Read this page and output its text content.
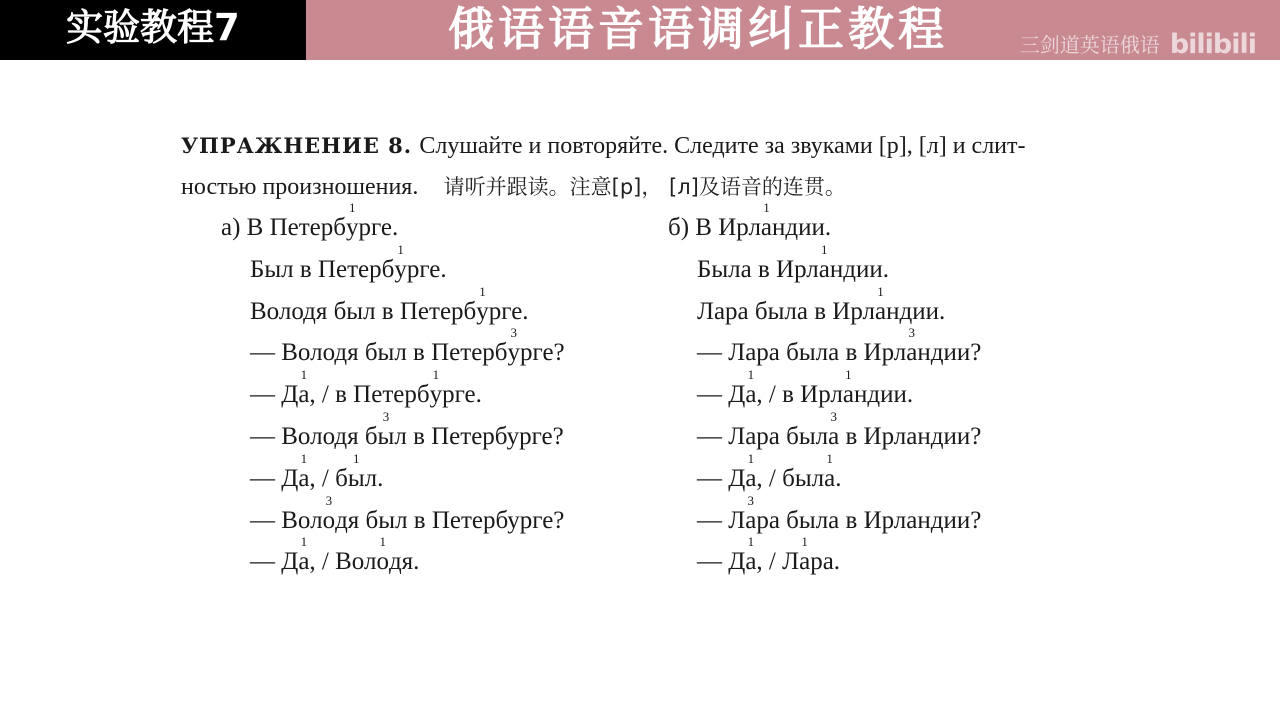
实验教程7	俄语语音语调纠正教程	三剑道英语俄语 bilibili
УПРАЖНЕНИЕ 8. Слушайте и повторяйте. Следите за звуками [р], [л] и слит-
ностью произношения. 请听并跟读。注意[р]， [л]及语音的连贯。
а) В Петербу
1
рге.
Был в Петербу
1
рге.
Володя был в Петербу
1
рге.
— Володя был в Петербу
3
рге?
— Да
1
, / в Петербу
1
рге.
— Володя бы
3
л в Петербурге?
— Да
1
, / бы
1
л.
— Воло
3
дя был в Петербурге?
— Да
1
, / Воло
1
дя.
б) В Ирла
1
ндии.
Была в Ирла
1
ндии.
Лара была в Ирла
1
ндии.
— Лара была в Ирла
3
ндии?
— Да
1
, / в Ирла
1
ндии.
— Лара была
3
в Ирландии?
— Да
1
, / была
1
.
— Ла
3
ра была в Ирландии?
— Да
1
, / Ла
1
ра.
